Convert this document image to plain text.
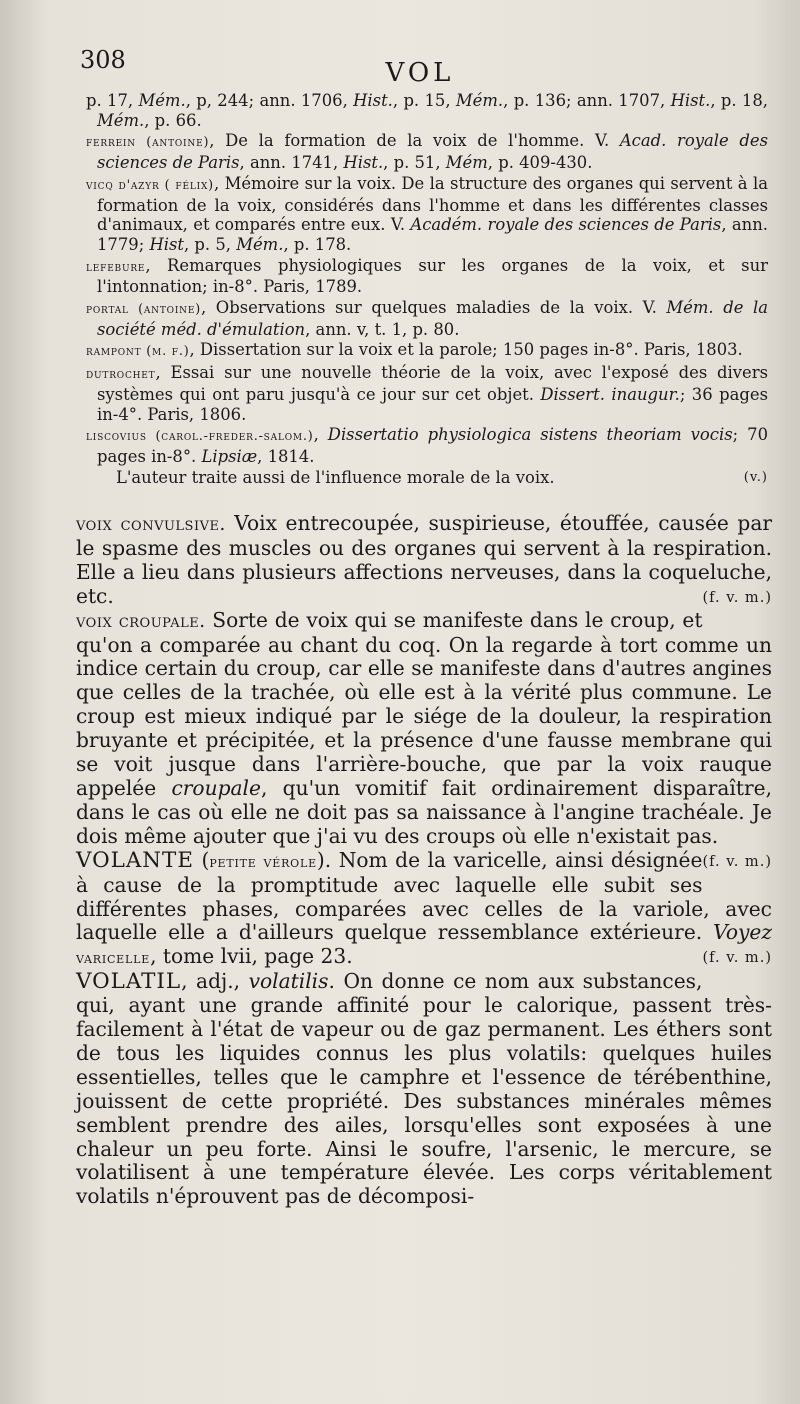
308	VOL

p. 17, Mém., p, 244; ann. 1706, Hist., p. 15, Mém., p. 136; ann. 1707, Hist., p. 18, Mém., p. 66.

ferrein (antoine), De la formation de la voix de l'homme. V. Acad. royale des sciences de Paris, ann. 1741, Hist., p. 51, Mém, p. 409-430.

vicq d'azyr ( félix), Mémoire sur la voix. De la structure des organes qui servent à la formation de la voix, considérés dans l'homme et dans les différentes classes d'animaux, et comparés entre eux. V. Académ. royale des sciences de Paris, ann. 1779; Hist, p. 5, Mém., p. 178.

lefebure, Remarques physiologiques sur les organes de la voix, et sur l'intonnation; in-8°. Paris, 1789.

portal (antoine), Observations sur quelques maladies de la voix. V. Mém. de la société méd. d'émulation, ann. v, t. 1, p. 80.

rampont (m. f.), Dissertation sur la voix et la parole; 150 pages in-8°. Paris, 1803.

dutrochet, Essai sur une nouvelle théorie de la voix, avec l'exposé des divers systèmes qui ont paru jusqu'à ce jour sur cet objet. Dissert. inaugur.; 36 pages in-4°. Paris, 1806.

liscovius (carol.-freder.-salom.), Dissertatio physiologica sistens theoriam vocis; 70 pages in-8°. Lipsiæ, 1814.

L'auteur traite aussi de l'influence morale de la voix.	(v.)

voix convulsive. Voix entrecoupée, suspirieuse, étouffée, causée par le spasme des muscles ou des organes qui servent à la respiration. Elle a lieu dans plusieurs affections nerveuses, dans la coqueluche, etc.	(f. v. m.)

voix croupale. Sorte de voix qui se manifeste dans le croup, et qu'on a comparée au chant du coq. On la regarde à tort comme un indice certain du croup, car elle se manifeste dans d'autres angines que celles de la trachée, où elle est à la vérité plus commune. Le croup est mieux indiqué par le siége de la douleur, la respiration bruyante et précipitée, et la présence d'une fausse membrane qui se voit jusque dans l'arrière-bouche, que par la voix rauque appelée croupale, qu'un vomitif fait ordinairement disparaître, dans le cas où elle ne doit pas sa naissance à l'angine trachéale. Je dois même ajouter que j'ai vu des croups où elle n'existait pas.
(f. v. m.)

VOLANTE (petite vérole). Nom de la varicelle, ainsi désignée à cause de la promptitude avec laquelle elle subit ses différentes phases, comparées avec celles de la variole, avec laquelle elle a d'ailleurs quelque ressemblance extérieure. Voyez varicelle, tome lvii, page 23.	(f. v. m.)

VOLATIL, adj., volatilis. On donne ce nom aux substances, qui, ayant une grande affinité pour le calorique, passent très-facilement à l'état de vapeur ou de gaz permanent. Les éthers sont de tous les liquides connus les plus volatils: quelques huiles essentielles, telles que le camphre et l'essence de térébenthine, jouissent de cette propriété. Des substances minérales mêmes semblent prendre des ailes, lorsqu'elles sont exposées à une chaleur un peu forte. Ainsi le soufre, l'arsenic, le mercure, se volatilisent à une température élevée. Les corps véritablement volatils n'éprouvent pas de décomposi-
